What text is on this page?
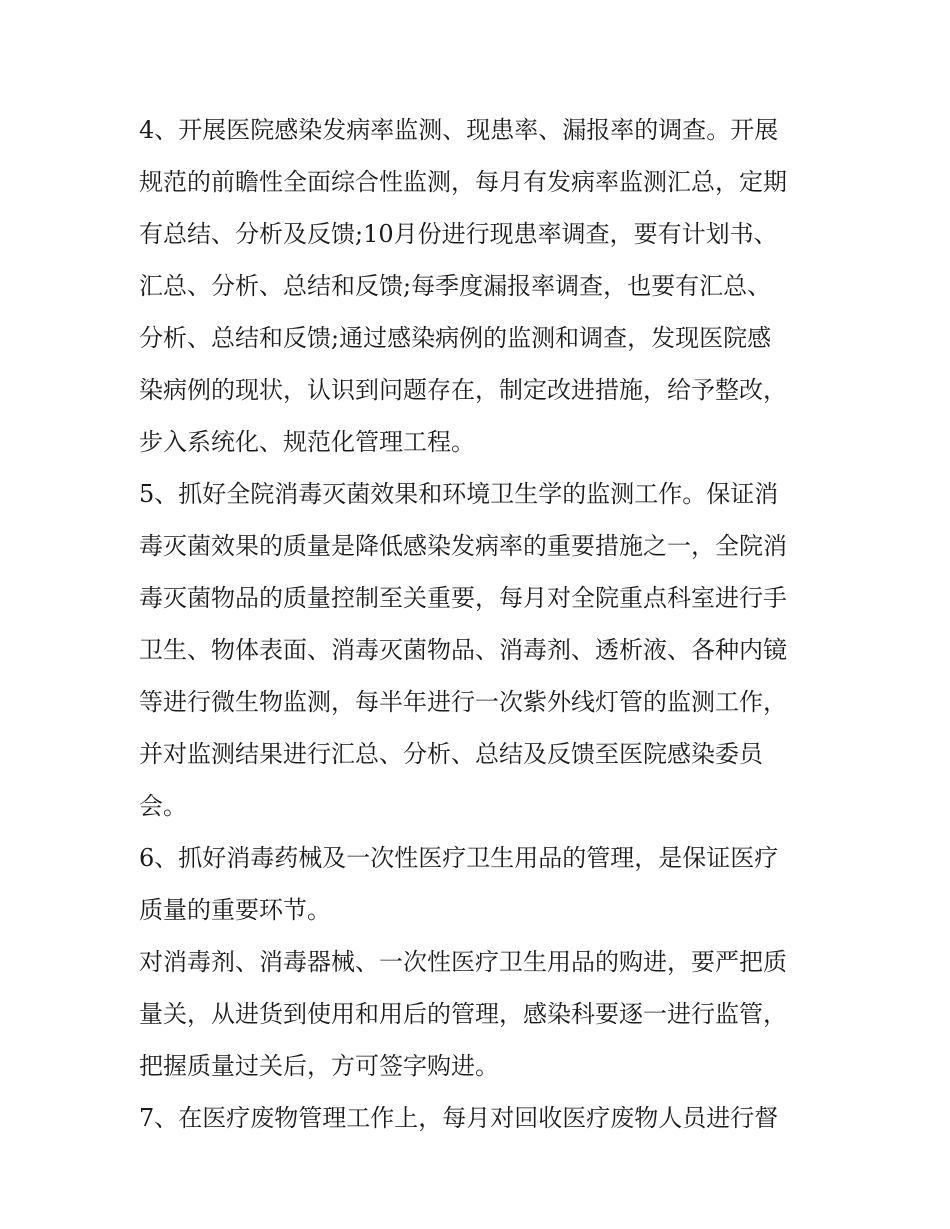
4、开展医院感染发病率监测、现患率、漏报率的调查。开展
规范的前瞻性全面综合性监测，每月有发病率监测汇总，定期
有总结、分析及反馈;10月份进行现患率调查，要有计划书、
汇总、分析、总结和反馈;每季度漏报率调查，也要有汇总、
分析、总结和反馈;通过感染病例的监测和调查，发现医院感
染病例的现状，认识到问题存在，制定改进措施，给予整改，
步入系统化、规范化管理工程。
5、抓好全院消毒灭菌效果和环境卫生学的监测工作。保证消
毒灭菌效果的质量是降低感染发病率的重要措施之一，全院消
毒灭菌物品的质量控制至关重要，每月对全院重点科室进行手
卫生、物体表面、消毒灭菌物品、消毒剂、透析液、各种内镜
等进行微生物监测，每半年进行一次紫外线灯管的监测工作，
并对监测结果进行汇总、分析、总结及反馈至医院感染委员
会。
6、抓好消毒药械及一次性医疗卫生用品的管理，是保证医疗
质量的重要环节。
对消毒剂、消毒器械、一次性医疗卫生用品的购进，要严把质
量关，从进货到使用和用后的管理，感染科要逐一进行监管，
把握质量过关后，方可签字购进。
7、在医疗废物管理工作上，每月对回收医疗废物人员进行督
